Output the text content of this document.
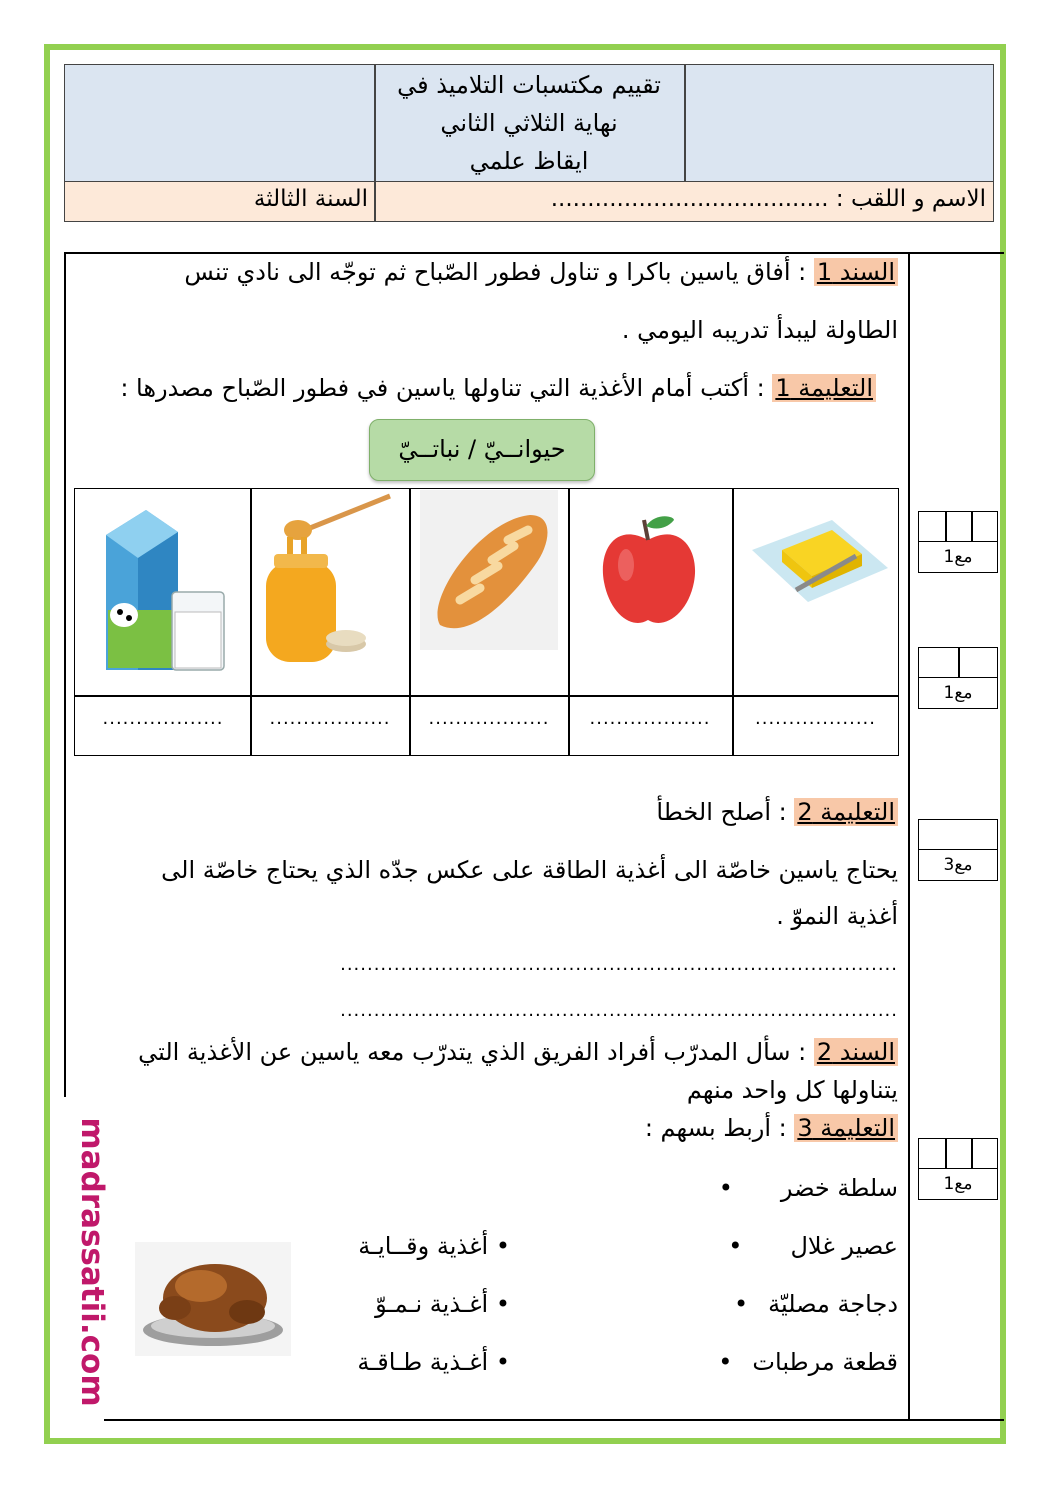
تقييم مكتسبات التلاميذ في
نهاية الثلاثي الثاني
ايقاظ علمي
الاسم و اللقب : ......................................
السنة الثالثة
السند 1 : أفاق ياسين باكرا و تناول فطور الصّباح ثم توجّه الى نادي تنس
الطاولة ليبدأ تدريبه اليومي .
التعليمة 1 : أكتب أمام الأغذية التي تناولها ياسين في فطور الصّباح مصدرها :
حيوانــيّ / نباتــيّ
..................	..................	..................	..................	..................
التعليمة 2 : أصلح الخطأ
يحتاج ياسين خاصّة الى أغذية الطاقة على عكس جدّه الذي يحتاج خاصّة الى
أغذية النموّ .
...................................................................................
...................................................................................
السند 2 : سأل المدرّب أفراد الفريق الذي يتدرّب معه ياسين عن الأغذية التي
يتناولها كل واحد منهم
التعليمة 3 : أربط بسهم :
سلطة خضر•
عصير غلال•
دجاجة مصليّة•
قطعة مرطبات•
• أغذية وقــايـة
• أغـذية نـمـوّ
• أغـذية طـاقـة
مع1
مع1
مع3
مع1
madrassatii.com
